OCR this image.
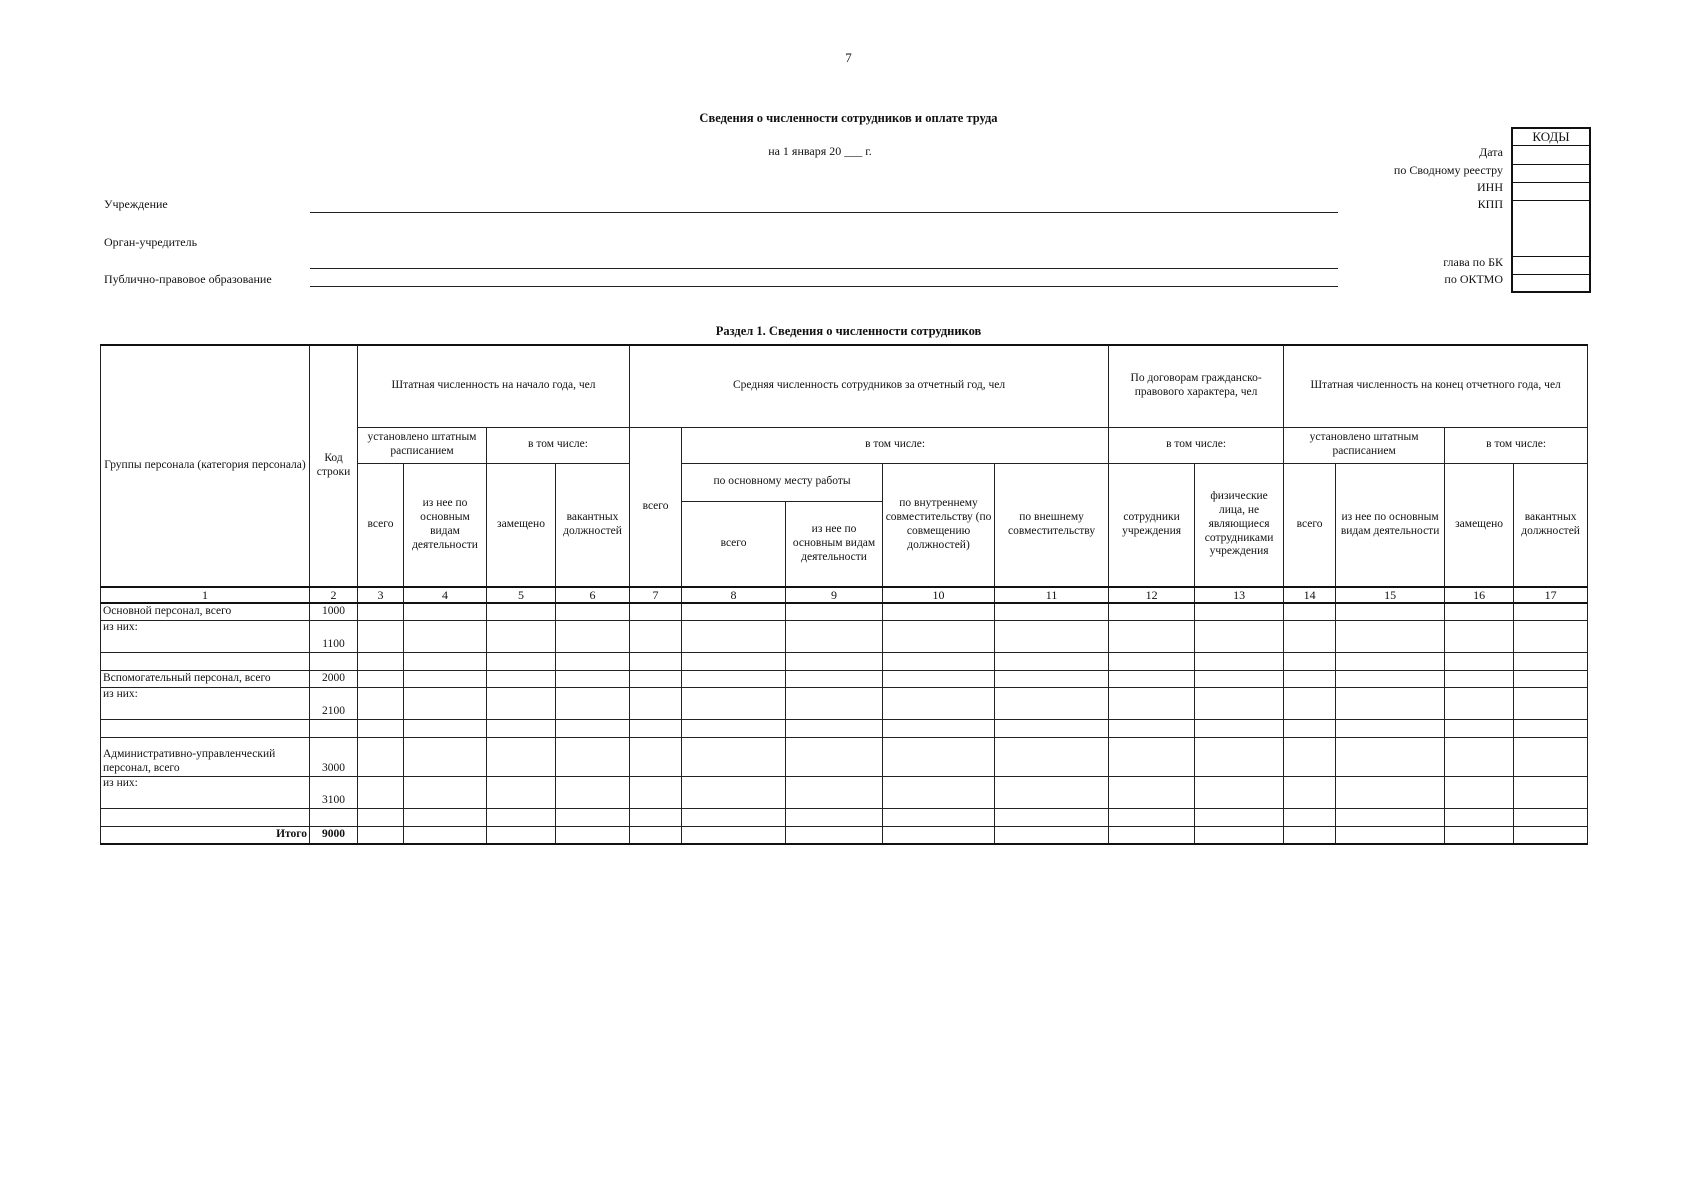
7
Сведения о численности сотрудников и оплате труда
на 1 января 20 ___ г.
Учреждение
Орган-учредитель
Публично-правовое образование
КОДЫ
Дата
по Сводному реестру
ИНН
КПП
глава по БК
по ОКТМО
Раздел 1. Сведения о численности сотрудников
Группы персонала (категория персонала)	Код строки	Штатная численность на начало года, чел				Средняя численность сотрудников за отчетный год, чел					По договорам гражданско-правового характера, чел		Штатная численность на конец отчетного года, чел			
		установлено штатным расписанием		в том числе:		всего	в том числе:				в том числе:		установлено штатным расписанием		в том числе:	
		всего	из нее по основным видам деятельности	замещено	вакантных должностей		по основному месту работы		по внутреннему совместительству (по совмещению должностей)	по внешнему совместительству	сотрудники учреждения	физические лица, не являющиеся сотрудниками учреждения	всего	из нее по основным видам деятельности	замещено	вакантных должностей
							всего	из нее по основным видам деятельности								
1	2	3	4	5	6	7	8	9	10	11	12	13	14	15	16	17
Основной персонал, всего	1000															
из них:	1100															

Вспомогательный персонал, всего	2000															
из них:	2100															

Административно-управленческий персонал, всего	3000															
из них:	3100															

Итого	9000															
